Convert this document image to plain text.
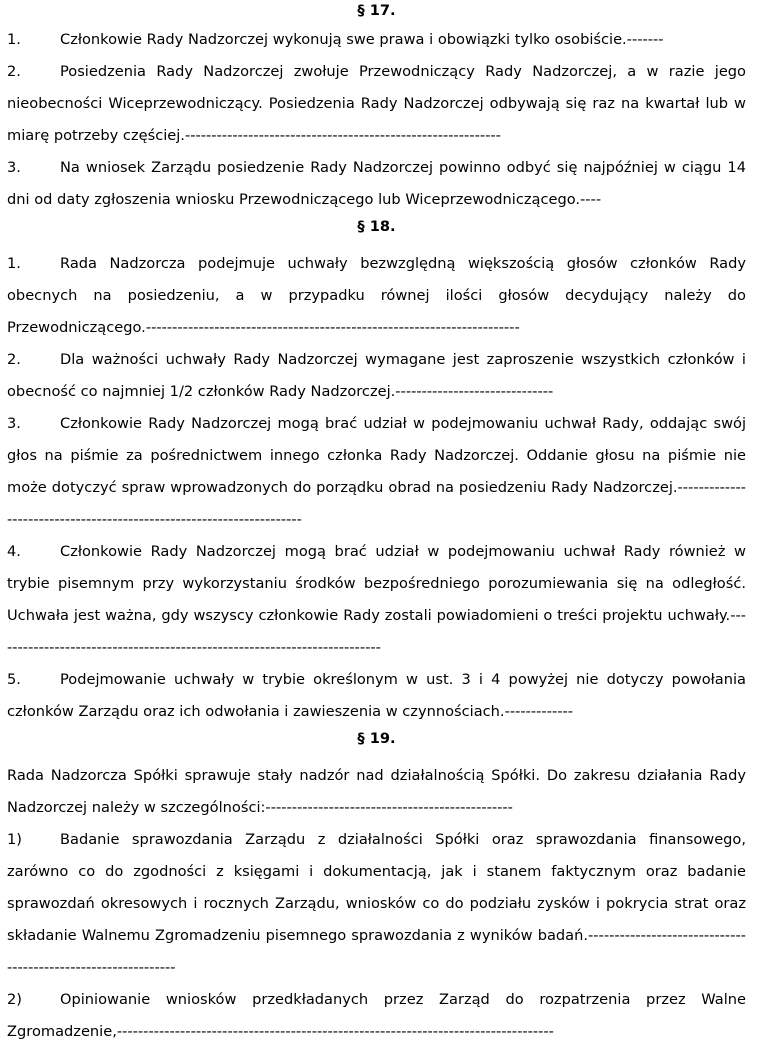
§ 17.

1.	Członkowie Rady Nadzorczej wykonują swe prawa i obowiązki tylko osobiście.-------

2.	Posiedzenia Rady Nadzorczej zwołuje Przewodniczący Rady Nadzorczej, a w razie jego nieobecności Wiceprzewodniczący. Posiedzenia Rady Nadzorczej odbywają się raz na kwartał lub w miarę potrzeby częściej.------------------------------------------------------------

3.	Na wniosek Zarządu posiedzenie Rady Nadzorczej powinno odbyć się najpóźniej w ciągu 14 dni od daty zgłoszenia wniosku Przewodniczącego lub Wiceprzewodniczącego.----

§ 18.

1.	Rada Nadzorcza podejmuje uchwały bezwzględną większością głosów członków Rady obecnych na posiedzeniu, a w przypadku równej ilości głosów decydujący należy do Przewodniczącego.-----------------------------------------------------------------------

2.	Dla ważności uchwały Rady Nadzorczej wymagane jest zaproszenie wszystkich członków i obecność co najmniej 1/2 członków Rady Nadzorczej.------------------------------

3.	Członkowie Rady Nadzorczej mogą brać udział w podejmowaniu uchwał Rady, oddając swój głos na piśmie za pośrednictwem innego członka Rady Nadzorczej. Oddanie głosu na piśmie nie może dotyczyć spraw wprowadzonych do porządku obrad na posiedzeniu Rady Nadzorczej.---------------------------------------------------------------------

4.	Członkowie Rady Nadzorczej mogą brać udział w podejmowaniu uchwał Rady również w trybie pisemnym przy wykorzystaniu środków bezpośredniego porozumiewania się na odległość. Uchwała jest ważna, gdy wszyscy członkowie Rady zostali powiadomieni o treści projektu uchwały.--------------------------------------------------------------------------

5.	Podejmowanie uchwały w trybie określonym w ust. 3 i 4 powyżej nie dotyczy powołania członków Zarządu oraz ich odwołania i zawieszenia w czynnościach.-------------

§ 19.

Rada Nadzorcza Spółki sprawuje stały nadzór nad działalnością Spółki. Do zakresu działania Rady Nadzorczej należy w szczególności:-----------------------------------------------

1)	Badanie sprawozdania Zarządu z działalności Spółki oraz sprawozdania finansowego, zarówno co do zgodności z księgami i dokumentacją, jak i stanem faktycznym oraz badanie sprawozdań okresowych i rocznych Zarządu, wniosków co do podziału zysków i pokrycia strat oraz składanie Walnemu Zgromadzeniu pisemnego sprawozdania z wyników badań.--------------------------------------------------------------

2)	Opiniowanie wniosków przedkładanych przez Zarząd do rozpatrzenia przez Walne Zgromadzenie,-----------------------------------------------------------------------------------
